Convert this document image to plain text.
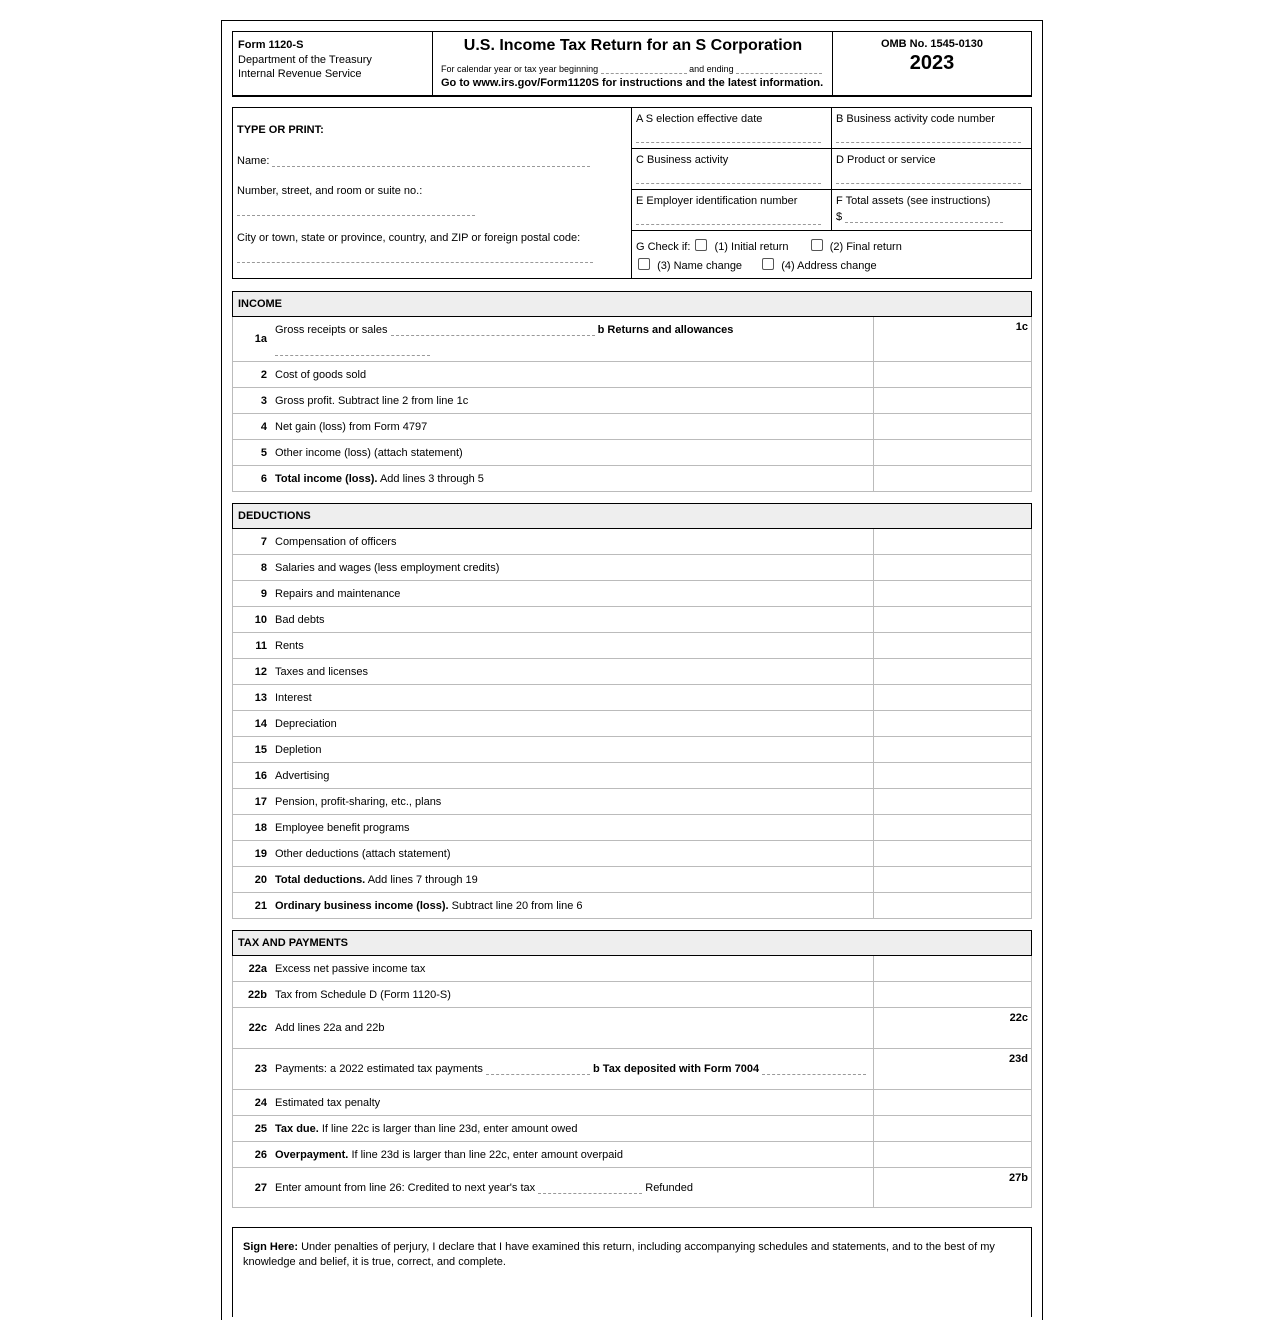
Form 1120-S
Department of the Treasury
Internal Revenue Service
U.S. Income Tax Return for an S Corporation
For calendar year or tax year beginning	and ending
Go to www.irs.gov/Form1120S for instructions and the latest information.
OMB No. 1545-0130
2023
TYPE OR PRINT:
Name:
Number, street, and room or suite no.:
City or town, state or province, country, and ZIP or foreign postal code:
A S election effective date	B Business activity code number
C Business activity	D Product or service
E Employer identification number	F Total assets (see instructions)
$
G Check if: (1) Initial return	(2) Final return
(3) Name change	(4) Address change
INCOME
1a
Gross receipts or sales	b Returns and allowances	1c
2 Cost of goods sold
3 Gross profit. Subtract line 2 from line 1c
4 Net gain (loss) from Form 4797
5 Other income (loss) (attach statement)
6 Total income (loss). Add lines 3 through 5
DEDUCTIONS
7 Compensation of officers
8 Salaries and wages (less employment credits)
9 Repairs and maintenance
10 Bad debts
11 Rents
12 Taxes and licenses
13 Interest
14 Depreciation
15 Depletion
16 Advertising
17 Pension, profit-sharing, etc., plans
18 Employee benefit programs
19 Other deductions (attach statement)
20 Total deductions. Add lines 7 through 19
21 Ordinary business income (loss). Subtract line 20 from line 6
TAX AND PAYMENTS
22a Excess net passive income tax
22b Tax from Schedule D (Form 1120-S)
22c Add lines 22a and 22b
22c
23 Payments: a 2022 estimated tax payments	b Tax deposited with Form 7004
23d
24 Estimated tax penalty
25 Tax due. If line 22c is larger than line 23d, enter amount owed
26 Overpayment. If line 23d is larger than line 22c, enter amount overpaid
27 Enter amount from line 26: Credited to next year's tax	Refunded
27b
Sign Here: Under penalties of perjury, I declare that I have examined this return, including accompanying schedules and statements, and to the best of my knowledge and belief, it is true, correct, and complete.
